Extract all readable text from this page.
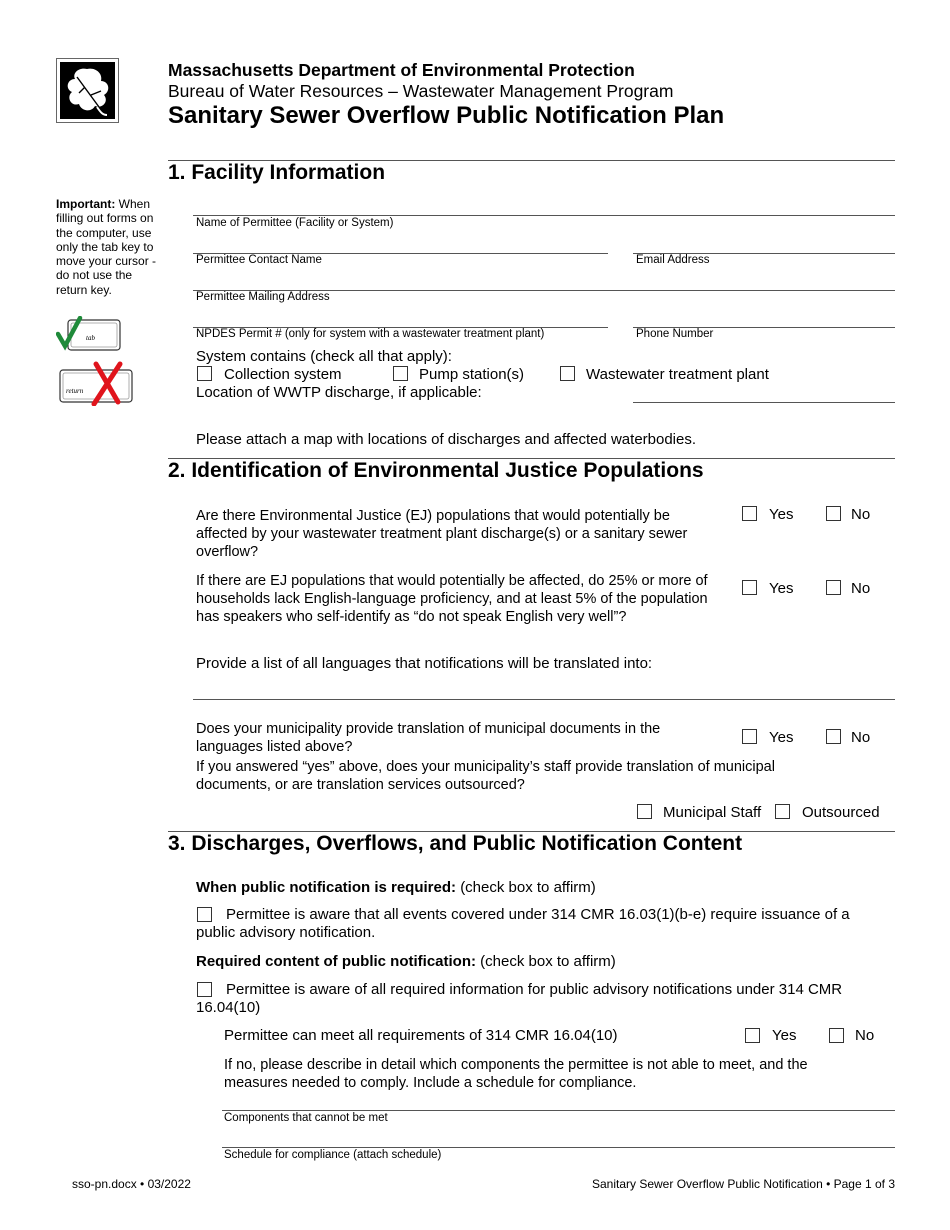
Massachusetts Department of Environmental Protection
Bureau of Water Resources – Wastewater Management Program
Sanitary Sewer Overflow Public Notification Plan
Important: When filling out forms on the computer, use only the tab key to move your cursor - do not use the return key.
tab
return
1. Facility Information
Name of Permittee (Facility or System)
Permittee Contact Name	Email Address
Permittee Mailing Address
NPDES Permit # (only for system with a wastewater treatment plant)	Phone Number
System contains (check all that apply):
Collection system	Pump station(s)	Wastewater treatment plant
Location of WWTP discharge, if applicable:
Please attach a map with locations of discharges and affected waterbodies.
2. Identification of Environmental Justice Populations
Are there Environmental Justice (EJ) populations that would potentially be affected by your wastewater treatment plant discharge(s) or a sanitary sewer overflow?
Yes	No
If there are EJ populations that would potentially be affected, do 25% or more of households lack English-language proficiency, and at least 5% of the population has speakers who self-identify as “do not speak English very well”?
Yes	No
Provide a list of all languages that notifications will be translated into:
Does your municipality provide translation of municipal documents in the languages listed above?
Yes	No
If you answered “yes” above, does your municipality’s staff provide translation of municipal documents, or are translation services outsourced?
Municipal Staff	Outsourced
3. Discharges, Overflows, and Public Notification Content
When public notification is required: (check box to affirm)
Permittee is aware that all events covered under 314 CMR 16.03(1)(b-e) require issuance of a public advisory notification.
Required content of public notification: (check box to affirm)
Permittee is aware of all required information for public advisory notifications under 314 CMR 16.04(10)
Permittee can meet all requirements of 314 CMR 16.04(10)	Yes	No
If no, please describe in detail which components the permittee is not able to meet, and the measures needed to comply. Include a schedule for compliance.
Components that cannot be met
Schedule for compliance (attach schedule)
sso-pn.docx • 03/2022	Sanitary Sewer Overflow Public Notification • Page 1 of 3
